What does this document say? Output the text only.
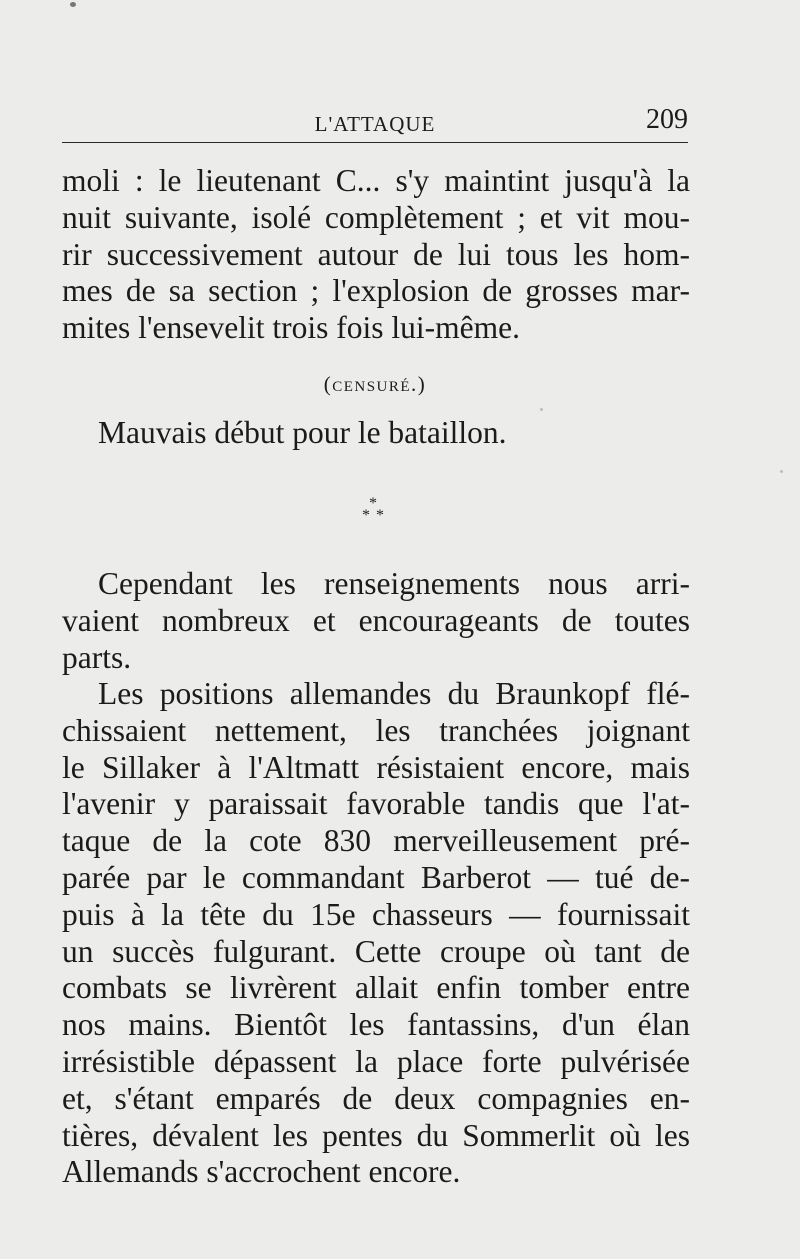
L'ATTAQUE	209
moli : le lieutenant C... s'y maintint jusqu'à la
nuit suivante, isolé complètement ; et vit mou-
rir successivement autour de lui tous les hom-
mes de sa section ; l'explosion de grosses mar-
mites l'ensevelit trois fois lui-même.
(censuré.)
Mauvais début pour le bataillon.
*
* *
Cependant les renseignements nous arri-
vaient nombreux et encourageants de toutes
parts.
Les positions allemandes du Braunkopf flé-
chissaient nettement, les tranchées joignant
le Sillaker à l'Altmatt résistaient encore, mais
l'avenir y paraissait favorable tandis que l'at-
taque de la cote 830 merveilleusement pré-
parée par le commandant Barberot — tué de-
puis à la tête du 15e chasseurs — fournissait
un succès fulgurant. Cette croupe où tant de
combats se livrèrent allait enfin tomber entre
nos mains. Bientôt les fantassins, d'un élan
irrésistible dépassent la place forte pulvérisée
et, s'étant emparés de deux compagnies en-
tières, dévalent les pentes du Sommerlit où les
Allemands s'accrochent encore.
